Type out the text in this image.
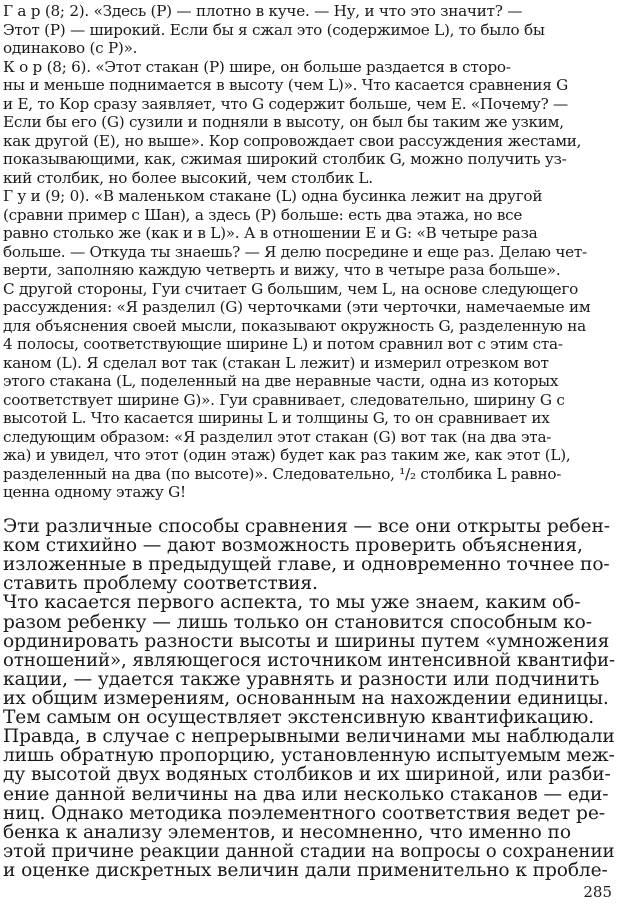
Г а р (8; 2). «Здесь (P) — плотно в куче. — Ну, и что это значит? —
Этот (P) — широкий. Если бы я сжал это (содержимое L), то было бы
одинаково (с P)».
К о р (8; 6). «Этот стакан (P) шире, он больше раздается в сторо-
ны и меньше поднимается в высоту (чем L)». Что касается сравнения G
и E, то Кор сразу заявляет, что G содержит больше, чем E. «Почему? —
Если бы его (G) сузили и подняли в высоту, он был бы таким же узким,
как другой (E), но выше». Кор сопровождает свои рассуждения жестами,
показывающими, как, сжимая широкий столбик G, можно получить уз-
кий столбик, но более высокий, чем столбик L.
Г у и (9; 0). «В маленьком стакане (L) одна бусинка лежит на другой
(сравни пример с Шан), а здесь (P) больше: есть два этажа, но все
равно столько же (как и в L)». А в отношении E и G: «В четыре раза
больше. — Откуда ты знаешь? — Я делю посредине и еще раз. Делаю чет-
верти, заполняю каждую четверть и вижу, что в четыре раза больше».
С другой стороны, Гуи считает G большим, чем L, на основе следующего
рассуждения: «Я разделил (G) черточками (эти черточки, намечаемые им
для объяснения своей мысли, показывают окружность G, разделенную на
4 полосы, соответствующие ширине L) и потом сравнил вот с этим ста-
каном (L). Я сделал вот так (стакан L лежит) и измерил отрезком вот
этого стакана (L, поделенный на две неравные части, одна из которых
соответствует ширине G)». Гуи сравнивает, следовательно, ширину G с
высотой L. Что касается ширины L и толщины G, то он сравнивает их
следующим образом: «Я разделил этот стакан (G) вот так (на два эта-
жа) и увидел, что этот (один этаж) будет как раз таким же, как этот (L),
разделенный на два (по высоте)». Следовательно, ¹/₂ столбика L равно-
ценна одному этажу G!
Эти различные способы сравнения — все они открыты ребен-
ком стихийно — дают возможность проверить объяснения,
изложенные в предыдущей главе, и одновременно точнее по-
ставить проблему соответствия.
Что касается первого аспекта, то мы уже знаем, каким об-
разом ребенку — лишь только он становится способным ко-
ординировать разности высоты и ширины путем «умножения
отношений», являющегося источником интенсивной квантифи-
кации, — удается также уравнять и разности или подчинить
их общим измерениям, основанным на нахождении единицы.
Тем самым он осуществляет экстенсивную квантификацию.
Правда, в случае с непрерывными величинами мы наблюдали
лишь обратную пропорцию, установленную испытуемым меж-
ду высотой двух водяных столбиков и их шириной, или разби-
ение данной величины на два или несколько стаканов — еди-
ниц. Однако методика поэлементного соответствия ведет ре-
бенка к анализу элементов, и несомненно, что именно по
этой причине реакции данной стадии на вопросы о сохранении
и оценке дискретных величин дали применительно к пробле-
285
